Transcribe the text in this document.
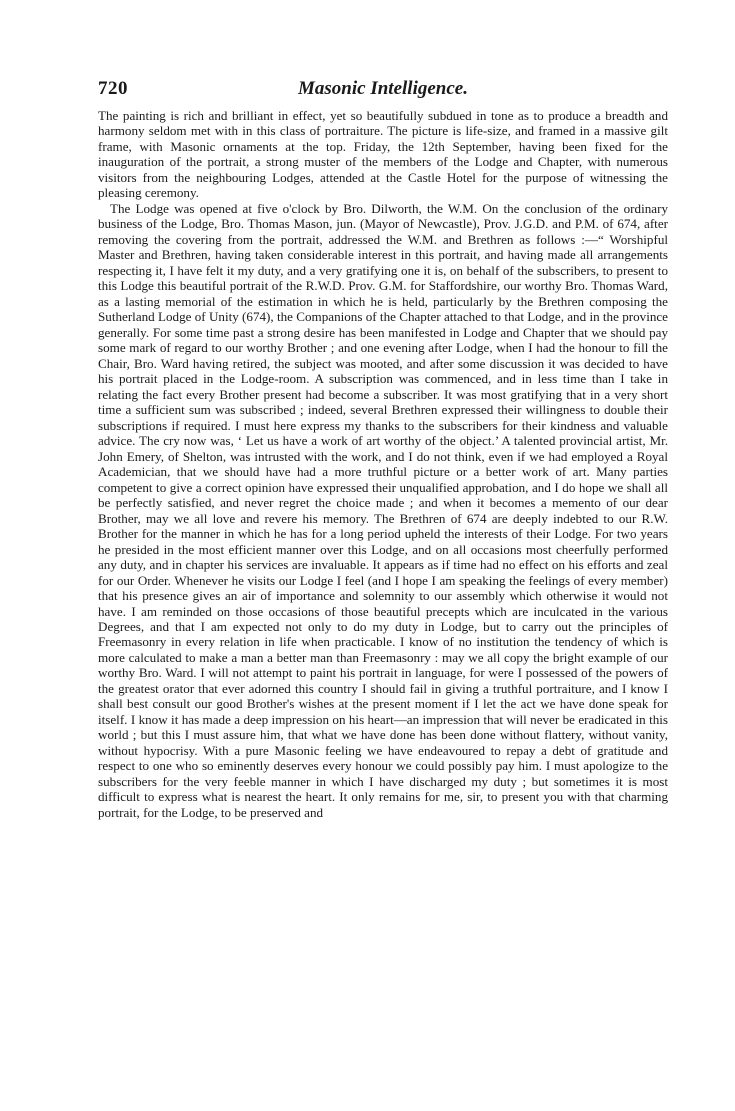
720	Masonic Intelligence.

The painting is rich and brilliant in effect, yet so beautifully subdued in tone as to produce a breadth and harmony seldom met with in this class of portraiture. The picture is life-size, and framed in a massive gilt frame, with Masonic ornaments at the top. Friday, the 12th September, having been fixed for the inauguration of the portrait, a strong muster of the members of the Lodge and Chapter, with numerous visitors from the neighbouring Lodges, attended at the Castle Hotel for the purpose of witnessing the pleasing ceremony.

The Lodge was opened at five o'clock by Bro. Dilworth, the W.M. On the conclusion of the ordinary business of the Lodge, Bro. Thomas Mason, jun. (Mayor of Newcastle), Prov. J.G.D. and P.M. of 674, after removing the covering from the portrait, addressed the W.M. and Brethren as follows :—“ Worshipful Master and Brethren, having taken considerable interest in this portrait, and having made all arrangements respecting it, I have felt it my duty, and a very gratifying one it is, on behalf of the subscribers, to present to this Lodge this beautiful portrait of the R.W.D. Prov. G.M. for Staffordshire, our worthy Bro. Thomas Ward, as a lasting memorial of the estimation in which he is held, particularly by the Brethren composing the Sutherland Lodge of Unity (674), the Companions of the Chapter attached to that Lodge, and in the province generally. For some time past a strong desire has been manifested in Lodge and Chapter that we should pay some mark of regard to our worthy Brother ; and one evening after Lodge, when I had the honour to fill the Chair, Bro. Ward having retired, the subject was mooted, and after some discussion it was decided to have his portrait placed in the Lodge-room. A subscription was commenced, and in less time than I take in relating the fact every Brother present had become a subscriber. It was most gratifying that in a very short time a sufficient sum was subscribed ; indeed, several Brethren expressed their willingness to double their subscriptions if required. I must here express my thanks to the subscribers for their kindness and valuable advice. The cry now was, ‘ Let us have a work of art worthy of the object.’ A talented provincial artist, Mr. John Emery, of Shelton, was intrusted with the work, and I do not think, even if we had employed a Royal Academician, that we should have had a more truthful picture or a better work of art. Many parties competent to give a correct opinion have expressed their unqualified approbation, and I do hope we shall all be perfectly satisfied, and never regret the choice made ; and when it becomes a memento of our dear Brother, may we all love and revere his memory. The Brethren of 674 are deeply indebted to our R.W. Brother for the manner in which he has for a long period upheld the interests of their Lodge. For two years he presided in the most efficient manner over this Lodge, and on all occasions most cheerfully performed any duty, and in chapter his services are invaluable. It appears as if time had no effect on his efforts and zeal for our Order. Whenever he visits our Lodge I feel (and I hope I am speaking the feelings of every member) that his presence gives an air of importance and solemnity to our assembly which otherwise it would not have. I am reminded on those occasions of those beautiful precepts which are inculcated in the various Degrees, and that I am expected not only to do my duty in Lodge, but to carry out the principles of Freemasonry in every relation in life when practicable. I know of no institution the tendency of which is more calculated to make a man a better man than Freemasonry : may we all copy the bright example of our worthy Bro. Ward. I will not attempt to paint his portrait in language, for were I possessed of the powers of the greatest orator that ever adorned this country I should fail in giving a truthful portraiture, and I know I shall best consult our good Brother's wishes at the present moment if I let the act we have done speak for itself. I know it has made a deep impression on his heart—an impression that will never be eradicated in this world ; but this I must assure him, that what we have done has been done without flattery, without vanity, without hypocrisy. With a pure Masonic feeling we have endeavoured to repay a debt of gratitude and respect to one who so eminently deserves every honour we could possibly pay him. I must apologize to the subscribers for the very feeble manner in which I have discharged my duty ; but sometimes it is most difficult to express what is nearest the heart. It only remains for me, sir, to present you with that charming portrait, for the Lodge, to be preserved and
